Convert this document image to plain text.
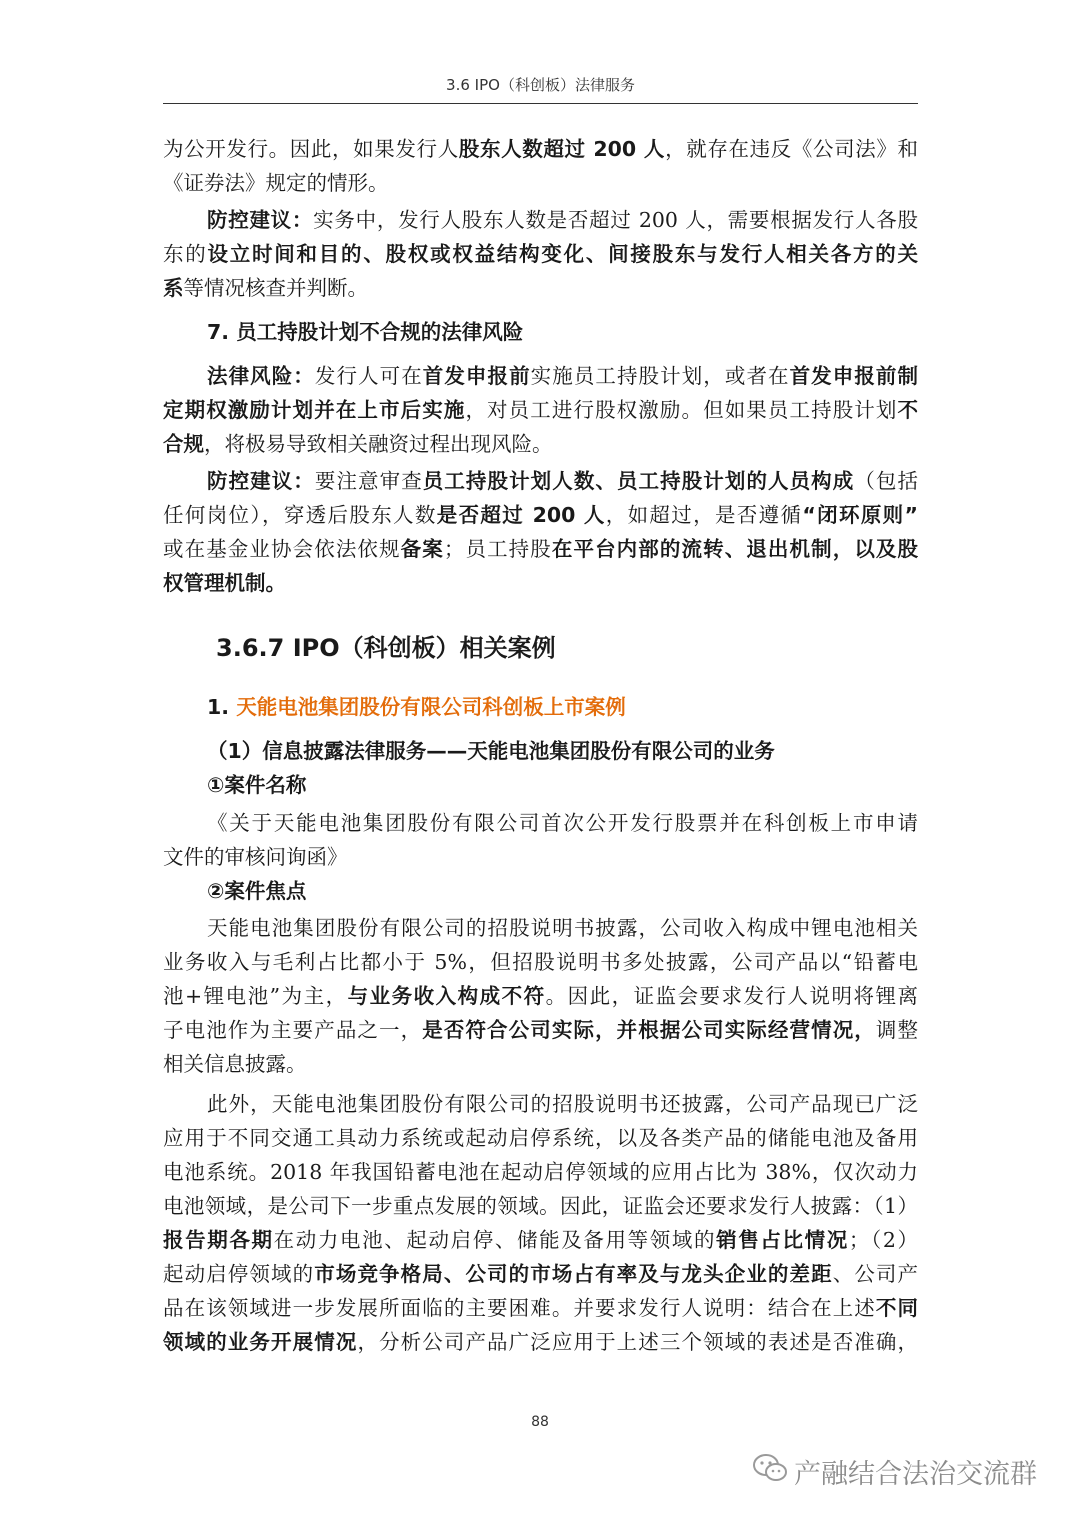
3.6 IPO（科创板）法律服务
为公开发行。因此，如果发行人股东人数超过 200 人，就存在违反《公司法》和
《证券法》规定的情形。
防控建议：实务中，发行人股东人数是否超过 200 人，需要根据发行人各股
东的设立时间和目的、股权或权益结构变化、间接股东与发行人相关各方的关
系等情况核查并判断。
7. 员工持股计划不合规的法律风险
法律风险：发行人可在首发申报前实施员工持股计划，或者在首发申报前制
定期权激励计划并在上市后实施，对员工进行股权激励。但如果员工持股计划不
合规，将极易导致相关融资过程出现风险。
防控建议：要注意审查员工持股计划人数、员工持股计划的人员构成（包括
任何岗位），穿透后股东人数是否超过 200 人，如超过，是否遵循“闭环原则”
或在基金业协会依法依规备案；员工持股在平台内部的流转、退出机制，以及股
权管理机制。
1. 天能电池集团股份有限公司科创板上市案例
（1）信息披露法律服务——天能电池集团股份有限公司的业务
①案件名称
《关于天能电池集团股份有限公司首次公开发行股票并在科创板上市申请
文件的审核问询函》
②案件焦点
天能电池集团股份有限公司的招股说明书披露，公司收入构成中锂电池相关
业务收入与毛利占比都小于 5%，但招股说明书多处披露，公司产品以“铅蓄电
池+锂电池”为主，与业务收入构成不符。因此，证监会要求发行人说明将锂离
子电池作为主要产品之一，是否符合公司实际，并根据公司实际经营情况，调整
相关信息披露。
此外，天能电池集团股份有限公司的招股说明书还披露，公司产品现已广泛
应用于不同交通工具动力系统或起动启停系统，以及各类产品的储能电池及备用
电池系统。2018 年我国铅蓄电池在起动启停领域的应用占比为 38%，仅次动力
电池领域，是公司下一步重点发展的领域。因此，证监会还要求发行人披露：（1）
报告期各期在动力电池、起动启停、储能及备用等领域的销售占比情况；（2）
起动启停领域的市场竞争格局、公司的市场占有率及与龙头企业的差距、公司产
品在该领域进一步发展所面临的主要困难。并要求发行人说明：结合在上述不同
领域的业务开展情况，分析公司产品广泛应用于上述三个领域的表述是否准确，
3.6.7 IPO（科创板）相关案例
88
产融结合法治交流群
